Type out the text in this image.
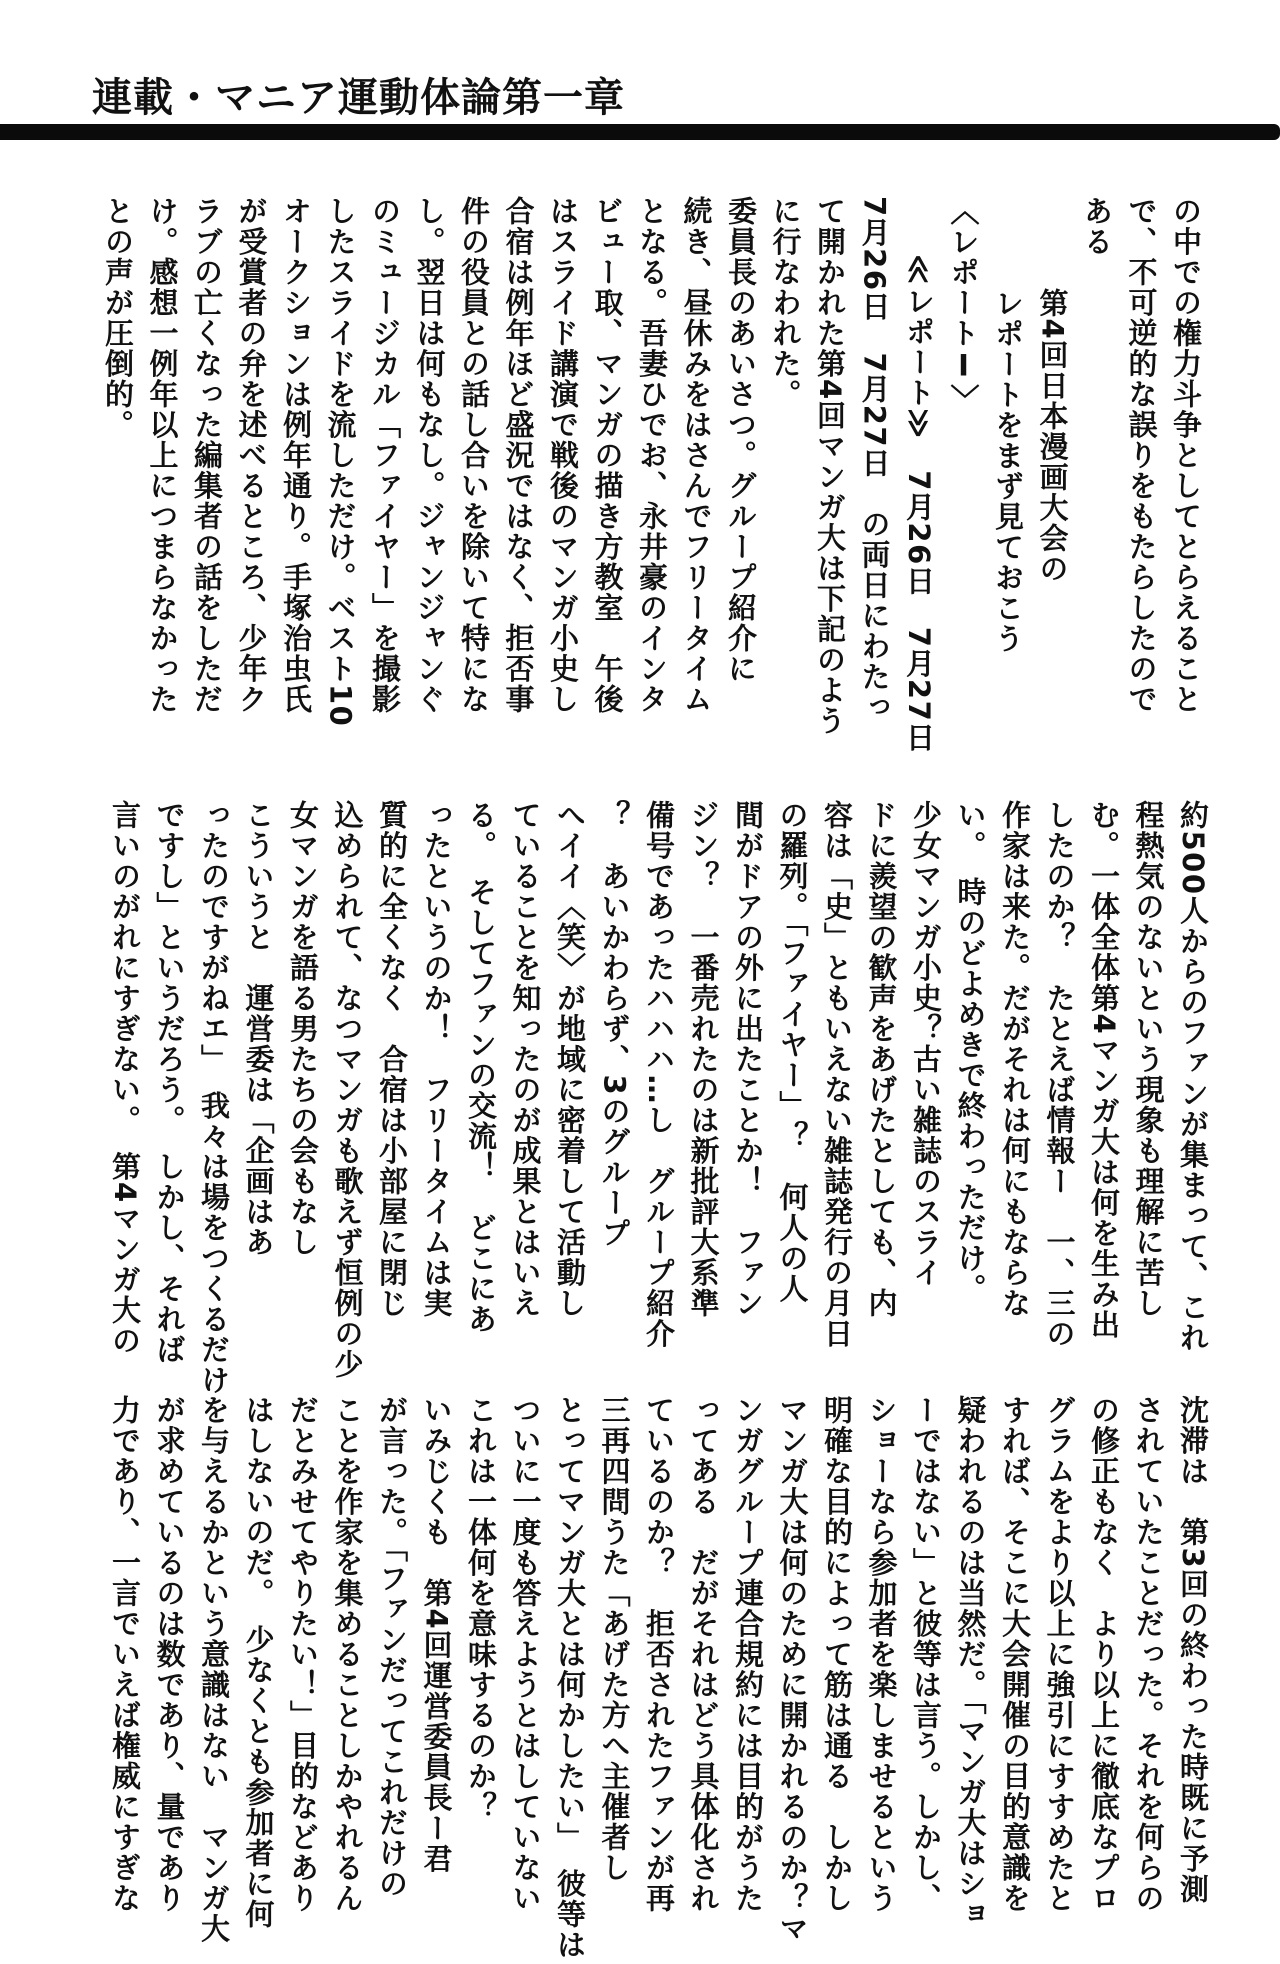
連載・マニア運動体論第一章

の中での権力斗争としてとらえること

で、不可逆的な誤りをもたらしたので

ある

第4回日本漫画大会の

レポートをまず見ておこう

〈レポートⅠ〉

≪レポート≫　7月26日　7月27日

7月26日　7月27日　の両日にわたっ

て開かれた第4回マンガ大は下記のよう

に行なわれた。

委員長のあいさつ。グループ紹介に

続き、昼休みをはさんでフリータイム

となる。吾妻ひでお、永井豪のインタ

ビュー取、マンガの描き方教室　午後

はスライド講演で戦後のマンガ小史し

合宿は例年ほど盛況ではなく、拒否事

件の役員との話し合いを除いて特にな

し。翌日は何もなし。ジャンジャンぐ

のミュージカル「ファイヤー」を撮影

したスライドを流しただけ。ベスト10

オークションは例年通り。手塚治虫氏

が受賞者の弁を述べるところ、少年ク

ラブの亡くなった編集者の話をしただ

け。感想一例年以上につまらなかった

との声が圧倒的。

約500人からのファンが集まって、これ

程熱気のないという現象も理解に苦し

む。一体全体第4マンガ大は何を生み出

したのか？　たとえば情報ー　一、三の

作家は来た。だがそれは何にもならな

い。　時のどよめきで終わっただけ。

少女マンガ小史？古い雑誌のスライ

ドに羨望の歓声をあげたとしても、内

容は「史」ともいえない雑誌発行の月日

の羅列。「ファイヤー」？　何人の人

間がドアの外に出たことか！　ファン

ジン？　一番売れたのは新批評大系準

備号であったハハハ…し　グループ紹介

？　あいかわらず、3のグループ

へイイ〈笑〉が地域に密着して活動し

ていることを知ったのが成果とはいえ

る。　そしてファンの交流！　どこにあ

ったというのか！　フリータイムは実

質的に全くなく　合宿は小部屋に閉じ

込められて、なつマンガも歌えず恒例の少

女マンガを語る男たちの会もなし

こういうと　運営委は「企画はあ

ったのですがねエ」　我々は場をつくるだけ

ですし」というだろう。　しかし、それば

言いのがれにすぎない。　第4マンガ大の

沈滞は　第3回の終わった時既に予測

されていたことだった。それを何らの

の修正もなく　より以上に徹底なプロ

グラムをより以上に強引にすすめたと

すれば、そこに大会開催の目的意識を

疑われるのは当然だ。「マンガ大はショ

ーではない」と彼等は言う。しかし、

ショーなら参加者を楽しませるという

明確な目的によって筋は通る　しかし

マンガ大は何のために開かれるのか？マ

ンガグループ連合規約には目的がうた

ってある　だがそれはどう具体化され

ているのか？　拒否されたファンが再

三再四問うた「あげた方へ主催者し

とってマンガ大とは何かしたい」　彼等は

ついに一度も答えようとはしていない

これは一体何を意味するのか？

いみじくも　第4回運営委員長ー君

が言った。「ファンだってこれだけの

ことを作家を集めることしかやれるん

だとみせてやりたい！」目的などあり

はしないのだ。　少なくとも参加者に何

を与えるかという意識はない　マンガ大

が求めているのは数であり、量であり

力であり、一言でいえば権威にすぎな
